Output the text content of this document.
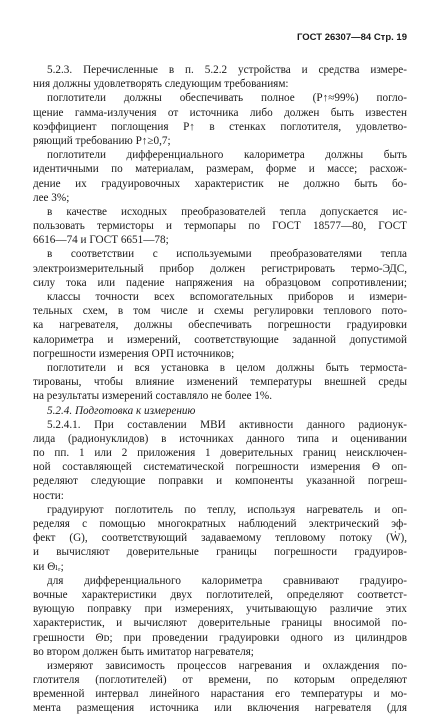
ГОСТ 26307—84 Стр. 19
5.2.3. Перечисленные в п. 5.2.2 устройства и средства измере-
ния должны удовлетворять следующим требованиям:
поглотители должны обеспечивать полное (P↑≈99%) погло-
щение гамма-излучения от источника либо должен быть известен
коэффициент поглощения P↑ в стенках поглотителя, удовлетво-
ряющий требованию P↑≥0,7;
поглотители дифференциального калориметра должны быть
идентичными по материалам, размерам, форме и массе; расхож-
дение их градуировочных характеристик не должно быть бо-
лее 3%;
в качестве исходных преобразователей тепла допускается ис-
пользовать термисторы и термопары по ГОСТ 18577—80, ГОСТ
6616—74 и ГОСТ 6651—78;
в соответствии с используемыми преобразователями тепла
электроизмерительный прибор должен регистрировать термо-ЭДС,
силу тока или падение напряжения на образцовом сопротивлении;
классы точности всех вспомогательных приборов и измери-
тельных схем, в том числе и схемы регулировки теплового пото-
ка нагревателя, должны обеспечивать погрешности градуировки
калориметра и измерений, соответствующие заданной допустимой
погрешности измерения ОРП источников;
поглотители и вся установка в целом должны быть термоста-
тированы, чтобы влияние изменений температуры внешней среды
на результаты измерений составляло не более 1%.
5.2.4. Подготовка к измерению
5.2.4.1. При составлении МВИ активности данного радионук-
лида (радионуклидов) в источниках данного типа и оценивании
по пп. 1 или 2 приложения 1 доверительных границ неисключен-
ной составляющей систематической погрешности измерения Θ оп-
ределяют следующие поправки и компоненты указанной погреш-
ности:
градуируют поглотитель по теплу, используя нагреватель и оп-
ределяя с помощью многократных наблюдений электрический эф-
фект (G), соответствующий задаваемому тепловому потоку (Ẇ),
и вычисляют доверительные границы погрешности градуиров-
ки Θₗᵣ;
для дифференциального калориметра сравнивают градуиро-
вочные характеристики двух поглотителей, определяют соответст-
вующую поправку при измерениях, учитывающую различие этих
характеристик, и вычисляют доверительные границы вносимой по-
грешности Θᴅ; при проведении градуировки одного из цилиндров
во втором должен быть имитатор нагревателя;
измеряют зависимость процессов нагревания и охлаждения по-
глотителя (поглотителей) от времени, по которым определяют
временной интервал линейного нарастания его температуры и мо-
мента размещения источника или включения нагревателя (для
